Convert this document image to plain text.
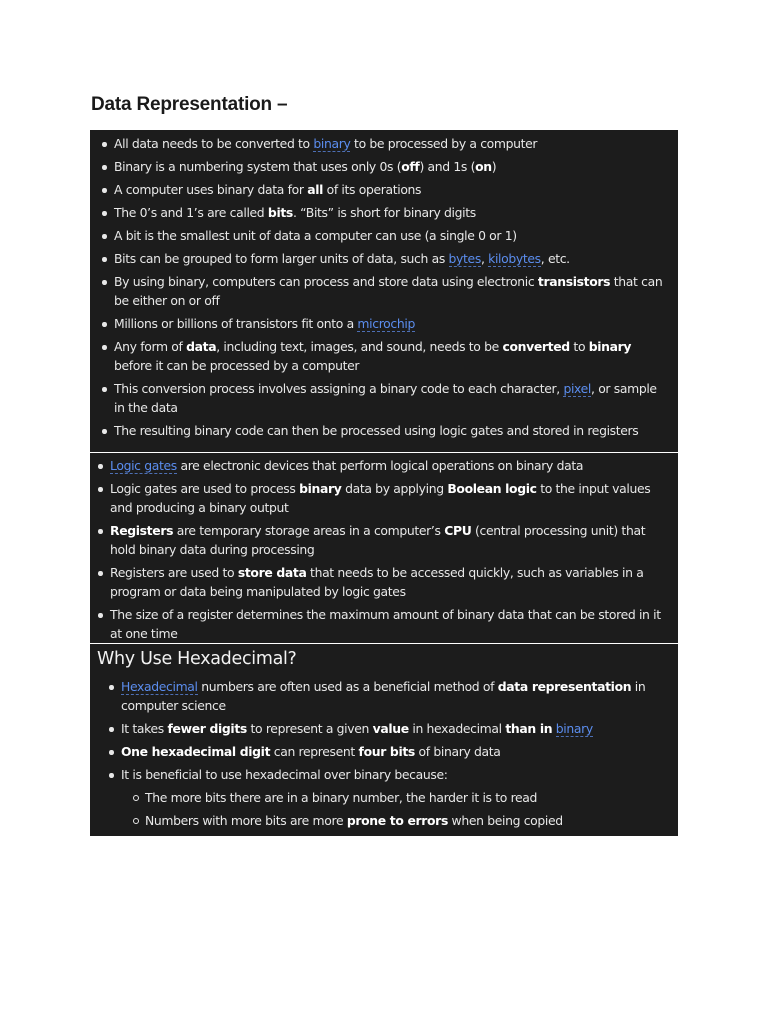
Data Representation –
All data needs to be converted to binary to be processed by a computer
Binary is a numbering system that uses only 0s (off) and 1s (on)
A computer uses binary data for all of its operations
The 0’s and 1’s are called bits. “Bits” is short for binary digits
A bit is the smallest unit of data a computer can use (a single 0 or 1)
Bits can be grouped to form larger units of data, such as bytes, kilobytes, etc.
By using binary, computers can process and store data using electronic transistors that can be either on or off
Millions or billions of transistors fit onto a microchip
Any form of data, including text, images, and sound, needs to be converted to binary before it can be processed by a computer
This conversion process involves assigning a binary code to each character, pixel, or sample in the data
The resulting binary code can then be processed using logic gates and stored in registers
Logic gates are electronic devices that perform logical operations on binary data
Logic gates are used to process binary data by applying Boolean logic to the input values and producing a binary output
Registers are temporary storage areas in a computer’s CPU (central processing unit) that hold binary data during processing
Registers are used to store data that needs to be accessed quickly, such as variables in a program or data being manipulated by logic gates
The size of a register determines the maximum amount of binary data that can be stored in it at one time
Why Use Hexadecimal?
Hexadecimal numbers are often used as a beneficial method of data representation in computer science
It takes fewer digits to represent a given value in hexadecimal than in binary
One hexadecimal digit can represent four bits of binary data
It is beneficial to use hexadecimal over binary because:
The more bits there are in a binary number, the harder it is to read
Numbers with more bits are more prone to errors when being copied
